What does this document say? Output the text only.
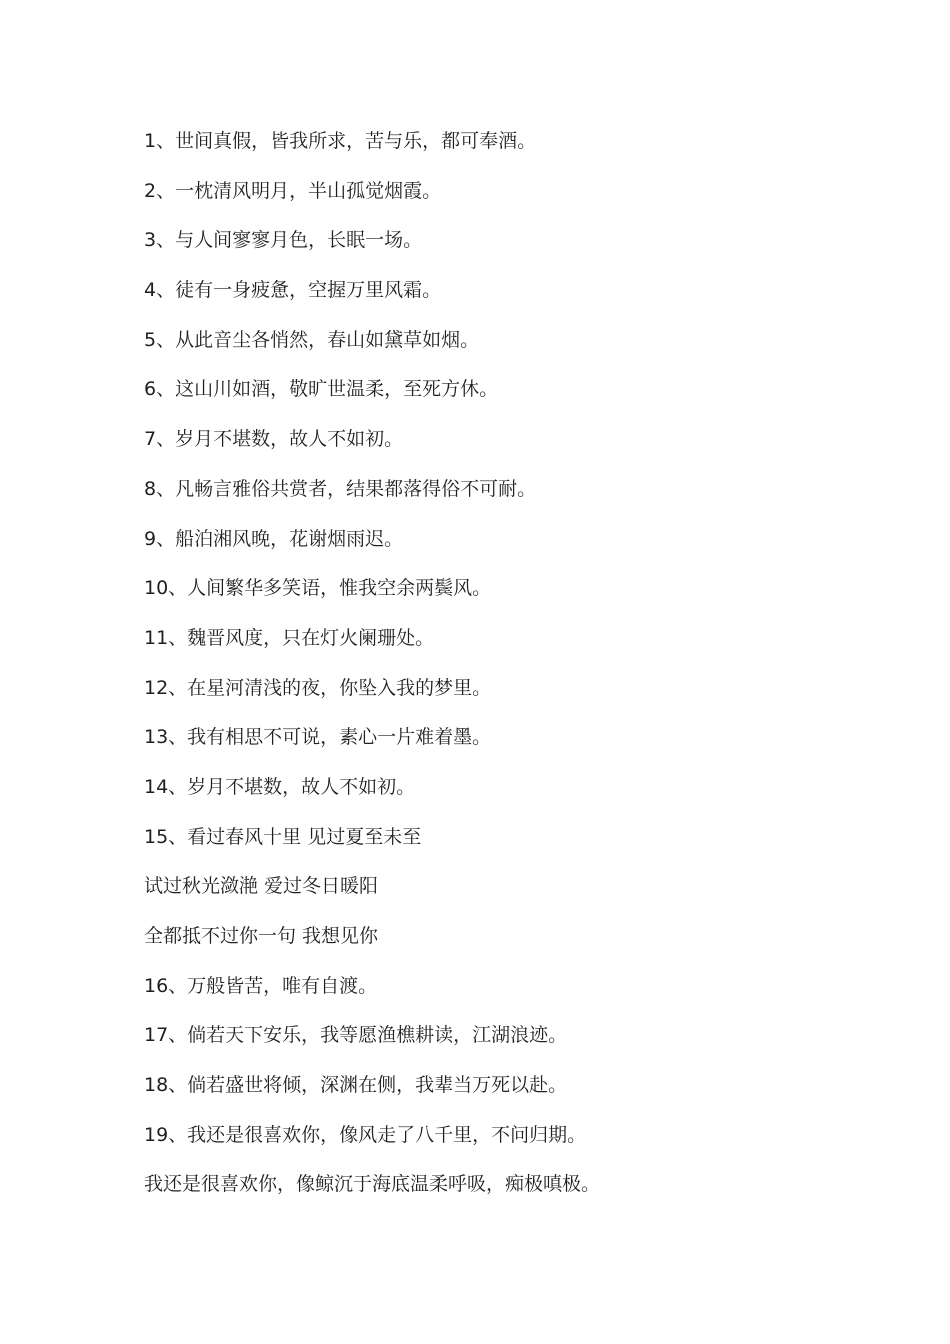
1、世间真假，皆我所求，苦与乐，都可奉酒。
2、一枕清风明月，半山孤觉烟霞。
3、与人间寥寥月色，长眠一场。
4、徒有一身疲惫，空握万里风霜。
5、从此音尘各悄然，春山如黛草如烟。
6、这山川如酒，敬旷世温柔，至死方休。
7、岁月不堪数，故人不如初。
8、凡畅言雅俗共赏者，结果都落得俗不可耐。
9、船泊湘风晚，花谢烟雨迟。
10、人间繁华多笑语，惟我空余两鬓风。
11、魏晋风度，只在灯火阑珊处。
12、在星河清浅的夜，你坠入我的梦里。
13、我有相思不可说，素心一片难着墨。
14、岁月不堪数，故人不如初。
15、看过春风十里 见过夏至未至
试过秋光潋滟 爱过冬日暖阳
全都抵不过你一句 我想见你
16、万般皆苦，唯有自渡。
17、倘若天下安乐，我等愿渔樵耕读，江湖浪迹。
18、倘若盛世将倾，深渊在侧，我辈当万死以赴。
19、我还是很喜欢你，像风走了八千里，不问归期。
我还是很喜欢你，像鲸沉于海底温柔呼吸，痴极嗔极。
